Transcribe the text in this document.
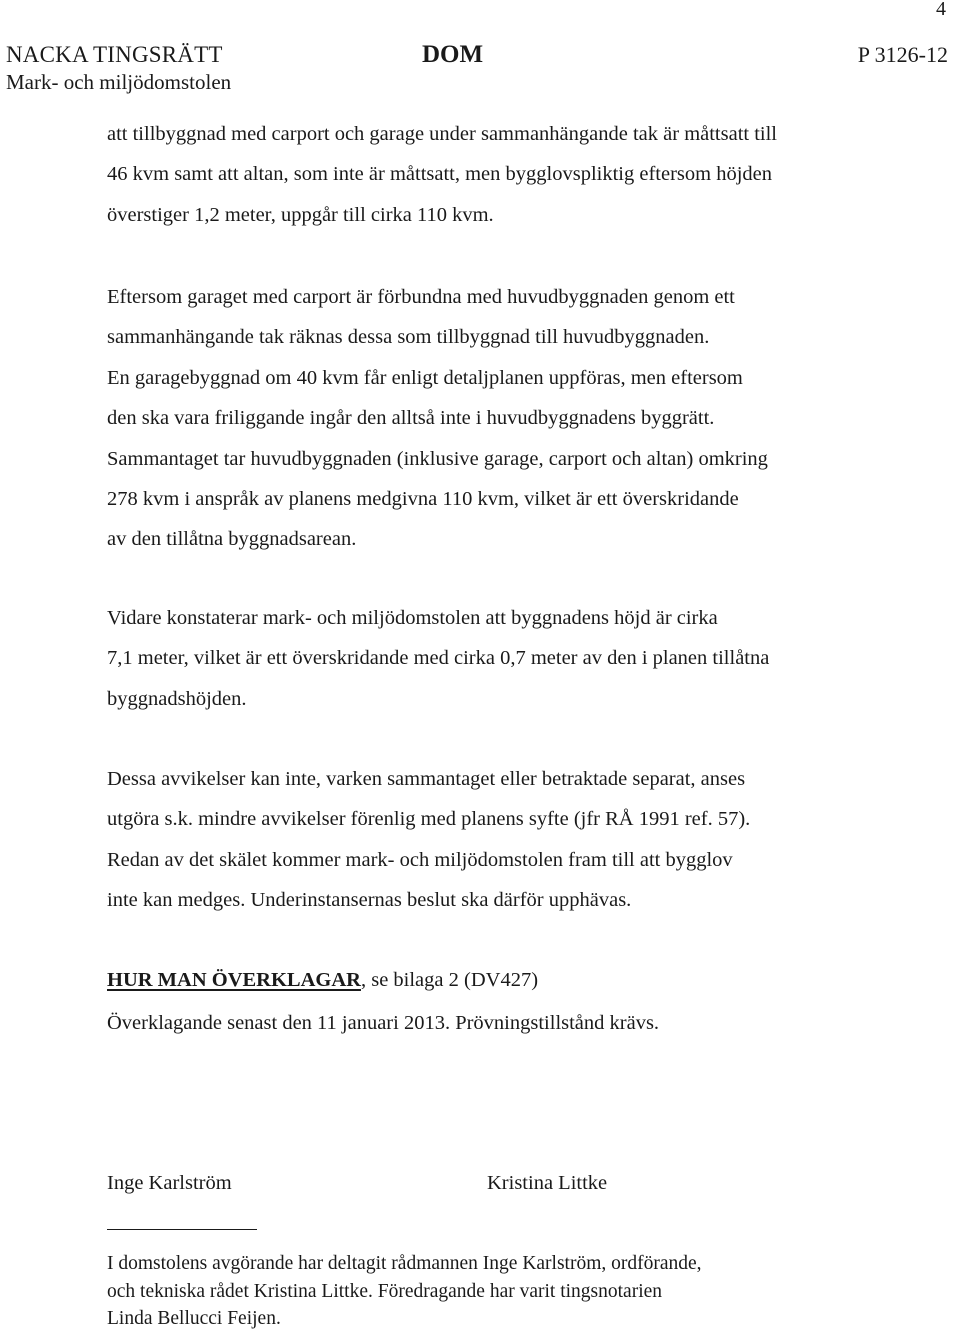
4
NACKA TINGSRÄTT
Mark- och miljödomstolen
DOM	P 3126-12

att tillbyggnad med carport och garage under sammanhängande tak är måttsatt till
46 kvm samt att altan, som inte är måttsatt, men bygglovspliktig eftersom höjden
överstiger 1,2 meter, uppgår till cirka 110 kvm.

Eftersom garaget med carport är förbundna med huvudbyggnaden genom ett
sammanhängande tak räknas dessa som tillbyggnad till huvudbyggnaden.
En garagebyggnad om 40 kvm får enligt detaljplanen uppföras, men eftersom
den ska vara friliggande ingår den alltså inte i huvudbyggnadens byggrätt.
Sammantaget tar huvudbyggnaden (inklusive garage, carport och altan) omkring
278 kvm i anspråk av planens medgivna 110 kvm, vilket är ett överskridande
av den tillåtna byggnadsarean.

Vidare konstaterar mark- och miljödomstolen att byggnadens höjd är cirka
7,1 meter, vilket är ett överskridande med cirka 0,7 meter av den i planen tillåtna
byggnadshöjden.

Dessa avvikelser kan inte, varken sammantaget eller betraktade separat, anses
utgöra s.k. mindre avvikelser förenlig med planens syfte (jfr RÅ 1991 ref. 57).
Redan av det skälet kommer mark- och miljödomstolen fram till att bygglov
inte kan medges. Underinstansernas beslut ska därför upphävas.

HUR MAN ÖVERKLAGAR, se bilaga 2 (DV427)
Överklagande senast den 11 januari 2013. Prövningstillstånd krävs.
Inge Karlström	Kristina Littke

I domstolens avgörande har deltagit rådmannen Inge Karlström, ordförande,
och tekniska rådet Kristina Littke. Föredragande har varit tingsnotarien
Linda Bellucci Feijen.
